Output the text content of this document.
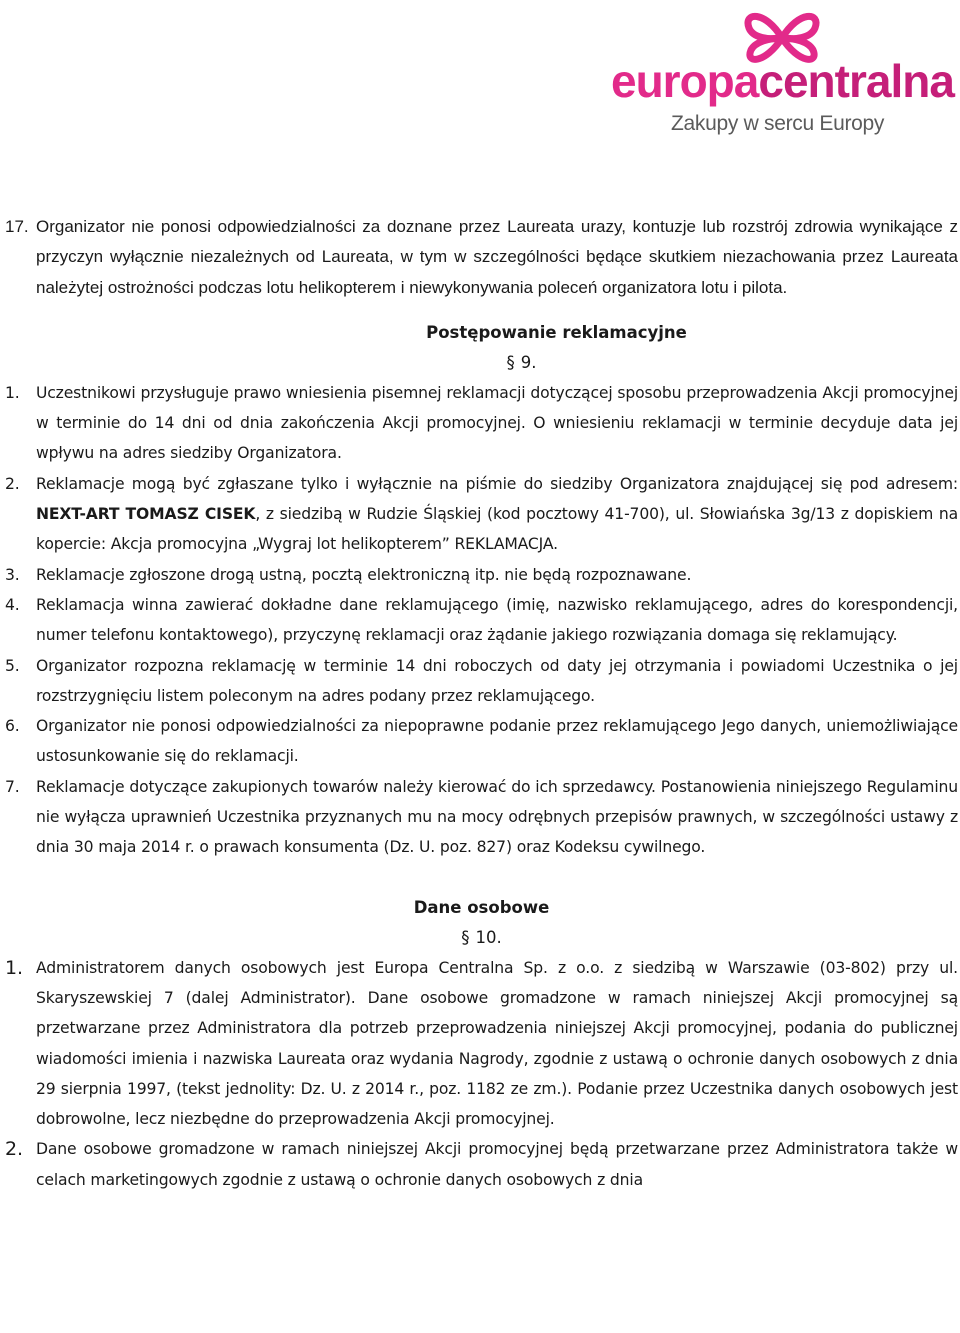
europacentralna
Zakupy w sercu Europy
17. Organizator nie ponosi odpowiedzialności za doznane przez Laureata urazy, kontuzje lub rozstrój zdrowia wynikające z przyczyn wyłącznie niezależnych od Laureata, w tym w szczególności będące skutkiem niezachowania przez Laureata należytej ostrożności podczas lotu helikopterem i niewykonywania poleceń organizatora lotu i pilota.
Postępowanie reklamacyjne
§ 9.
1.	Uczestnikowi przysługuje prawo wniesienia pisemnej reklamacji dotyczącej sposobu przeprowadzenia Akcji promocyjnej w terminie do 14 dni od dnia zakończenia Akcji promocyjnej. O wniesieniu reklamacji w terminie decyduje data jej wpływu na adres siedziby Organizatora.
2.	Reklamacje mogą być zgłaszane tylko i wyłącznie na piśmie do siedziby Organizatora znajdującej się pod adresem: NEXT-ART TOMASZ CISEK, z siedzibą w Rudzie Śląskiej (kod pocztowy 41-700), ul. Słowiańska 3g/13 z dopiskiem na kopercie: Akcja promocyjna „Wygraj lot helikopterem” REKLAMACJA.
3.	Reklamacje zgłoszone drogą ustną, pocztą elektroniczną itp. nie będą rozpoznawane.
4.	Reklamacja winna zawierać dokładne dane reklamującego (imię, nazwisko reklamującego, adres do korespondencji, numer telefonu kontaktowego), przyczynę reklamacji oraz żądanie jakiego rozwiązania domaga się reklamujący.
5.	Organizator rozpozna reklamację w terminie 14 dni roboczych od daty jej otrzymania i powiadomi Uczestnika o jej rozstrzygnięciu listem poleconym na adres podany przez reklamującego.
6.	Organizator nie ponosi odpowiedzialności za niepoprawne podanie przez reklamującego Jego danych, uniemożliwiające ustosunkowanie się do reklamacji.
7.	Reklamacje dotyczące zakupionych towarów należy kierować do ich sprzedawcy. Postanowienia niniejszego Regulaminu nie wyłącza uprawnień Uczestnika przyznanych mu na mocy odrębnych przepisów prawnych, w szczególności ustawy z dnia 30 maja 2014 r. o prawach konsumenta (Dz. U. poz. 827) oraz Kodeksu cywilnego.
Dane osobowe
§ 10.
1. Administratorem danych osobowych jest Europa Centralna Sp. z o.o. z siedzibą w Warszawie (03-802) przy ul. Skaryszewskiej 7 (dalej Administrator). Dane osobowe gromadzone w ramach niniejszej Akcji promocyjnej są przetwarzane przez Administratora dla potrzeb przeprowadzenia niniejszej Akcji promocyjnej, podania do publicznej wiadomości imienia i nazwiska Laureata oraz wydania Nagrody, zgodnie z ustawą o ochronie danych osobowych z dnia 29 sierpnia 1997, (tekst jednolity: Dz. U. z 2014 r., poz. 1182 ze zm.). Podanie przez Uczestnika danych osobowych jest dobrowolne, lecz niezbędne do przeprowadzenia Akcji promocyjnej.
2. Dane osobowe gromadzone w ramach niniejszej Akcji promocyjnej będą przetwarzane przez Administratora także w celach marketingowych zgodnie z ustawą o ochronie danych osobowych z dnia
